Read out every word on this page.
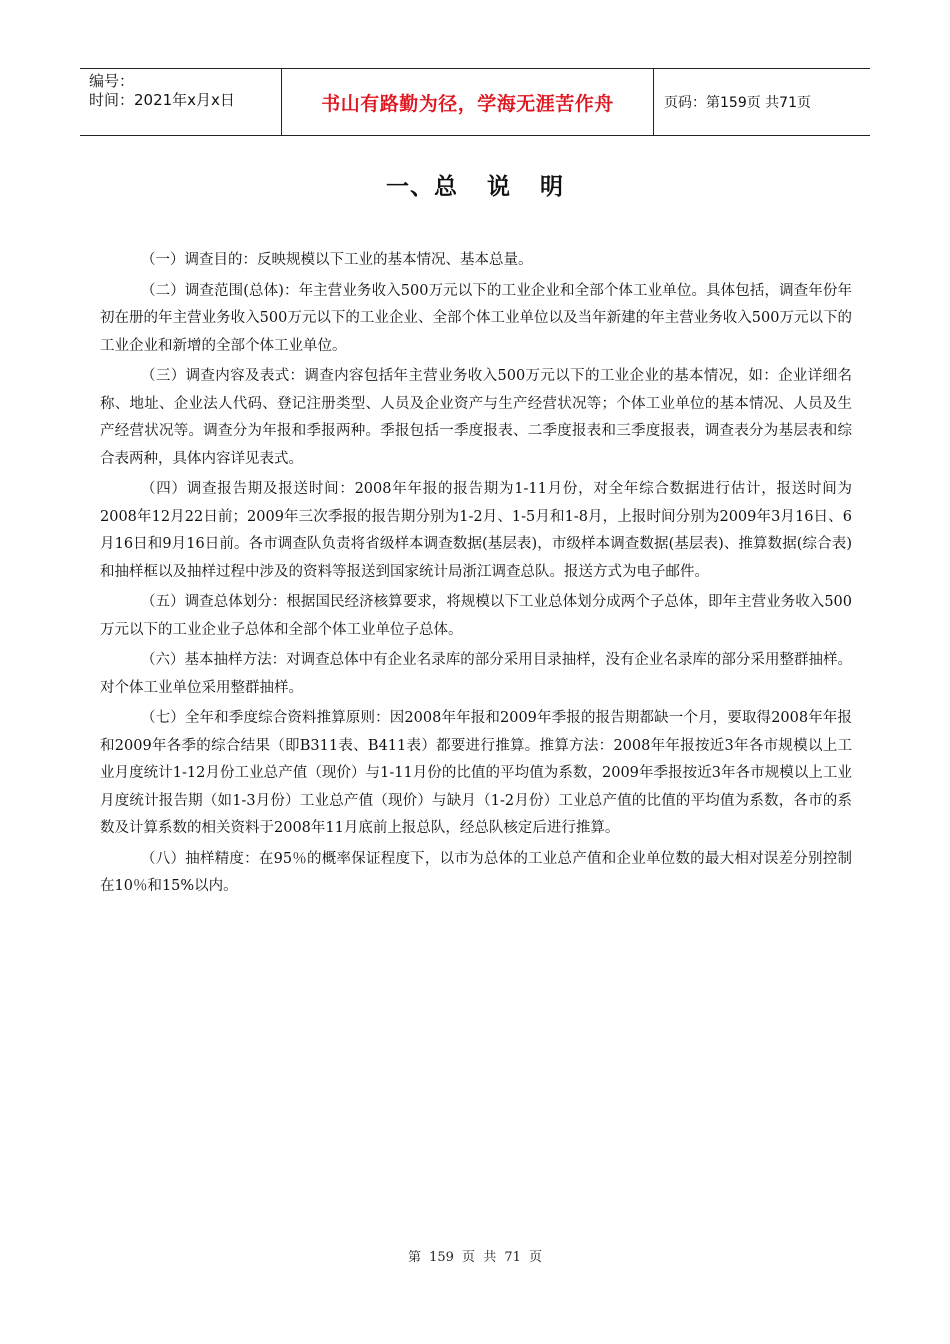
编号：
时间：2021年x月x日	书山有路勤为径，学海无涯苦作舟	页码：第159页 共71页
一、总 说 明

（一）调查目的：反映规模以下工业的基本情况、基本总量。

（二）调查范围(总体)：年主营业务收入500万元以下的工业企业和全部个体工业单位。具体包括，调查年份年初在册的年主营业务收入500万元以下的工业企业、全部个体工业单位以及当年新建的年主营业务收入500万元以下的工业企业和新增的全部个体工业单位。

（三）调查内容及表式：调查内容包括年主营业务收入500万元以下的工业企业的基本情况，如：企业详细名称、地址、企业法人代码、登记注册类型、人员及企业资产与生产经营状况等；个体工业单位的基本情况、人员及生产经营状况等。调查分为年报和季报两种。季报包括一季度报表、二季度报表和三季度报表，调查表分为基层表和综合表两种，具体内容详见表式。

（四）调查报告期及报送时间：2008年年报的报告期为1-11月份，对全年综合数据进行估计，报送时间为2008年12月22日前；2009年三次季报的报告期分别为1-2月、1-5月和1-8月，上报时间分别为2009年3月16日、6月16日和9月16日前。各市调查队负责将省级样本调查数据(基层表)，市级样本调查数据(基层表)、推算数据(综合表)和抽样框以及抽样过程中涉及的资料等报送到国家统计局浙江调查总队。报送方式为电子邮件。

（五）调查总体划分：根据国民经济核算要求，将规模以下工业总体划分成两个子总体，即年主营业务收入500万元以下的工业企业子总体和全部个体工业单位子总体。

（六）基本抽样方法：对调查总体中有企业名录库的部分采用目录抽样，没有企业名录库的部分采用整群抽样。对个体工业单位采用整群抽样。

（七）全年和季度综合资料推算原则：因2008年年报和2009年季报的报告期都缺一个月，要取得2008年年报和2009年各季的综合结果（即B311表、B411表）都要进行推算。推算方法：2008年年报按近3年各市规模以上工业月度统计1-12月份工业总产值（现价）与1-11月份的比值的平均值为系数，2009年季报按近3年各市规模以上工业月度统计报告期（如1-3月份）工业总产值（现价）与缺月（1-2月份）工业总产值的比值的平均值为系数，各市的系数及计算系数的相关资料于2008年11月底前上报总队，经总队核定后进行推算。

（八）抽样精度：在95％的概率保证程度下，以市为总体的工业总产值和企业单位数的最大相对误差分别控制在10％和15%以内。

第 159 页 共 71 页
